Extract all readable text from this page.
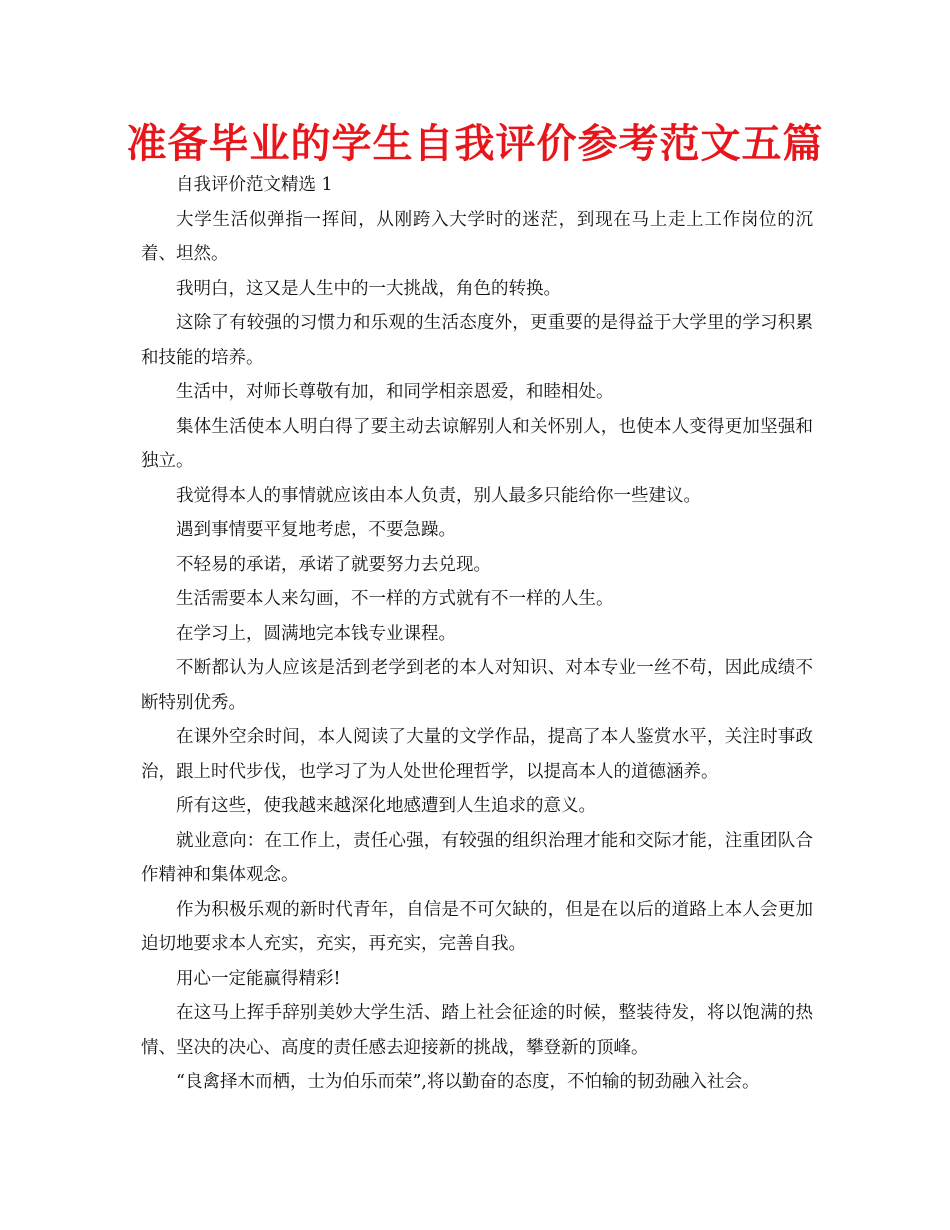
准备毕业的学生自我评价参考范文五篇

自我评价范文精选 1

大学生活似弹指一挥间，从刚跨入大学时的迷茫，到现在马上走上工作岗位的沉着、坦然。

我明白，这又是人生中的一大挑战，角色的转换。

这除了有较强的习惯力和乐观的生活态度外，更重要的是得益于大学里的学习积累和技能的培养。

生活中，对师长尊敬有加，和同学相亲恩爱，和睦相处。

集体生活使本人明白得了要主动去谅解别人和关怀别人，也使本人变得更加坚强和独立。

我觉得本人的事情就应该由本人负责，别人最多只能给你一些建议。

遇到事情要平复地考虑，不要急躁。

不轻易的承诺，承诺了就要努力去兑现。

生活需要本人来勾画，不一样的方式就有不一样的人生。

在学习上，圆满地完本钱专业课程。

不断都认为人应该是活到老学到老的本人对知识、对本专业一丝不苟，因此成绩不断特别优秀。

在课外空余时间，本人阅读了大量的文学作品，提高了本人鉴赏水平，关注时事政治，跟上时代步伐，也学习了为人处世伦理哲学，以提高本人的道德涵养。

所有这些，使我越来越深化地感遭到人生追求的意义。

就业意向：在工作上，责任心强，有较强的组织治理才能和交际才能，注重团队合作精神和集体观念。

作为积极乐观的新时代青年，自信是不可欠缺的，但是在以后的道路上本人会更加迫切地要求本人充实，充实，再充实，完善自我。

用心一定能赢得精彩!

在这马上挥手辞别美妙大学生活、踏上社会征途的时候，整装待发，将以饱满的热情、坚决的决心、高度的责任感去迎接新的挑战，攀登新的顶峰。

“良禽择木而栖，士为伯乐而荣”,将以勤奋的态度，不怕输的韧劲融入社会。
